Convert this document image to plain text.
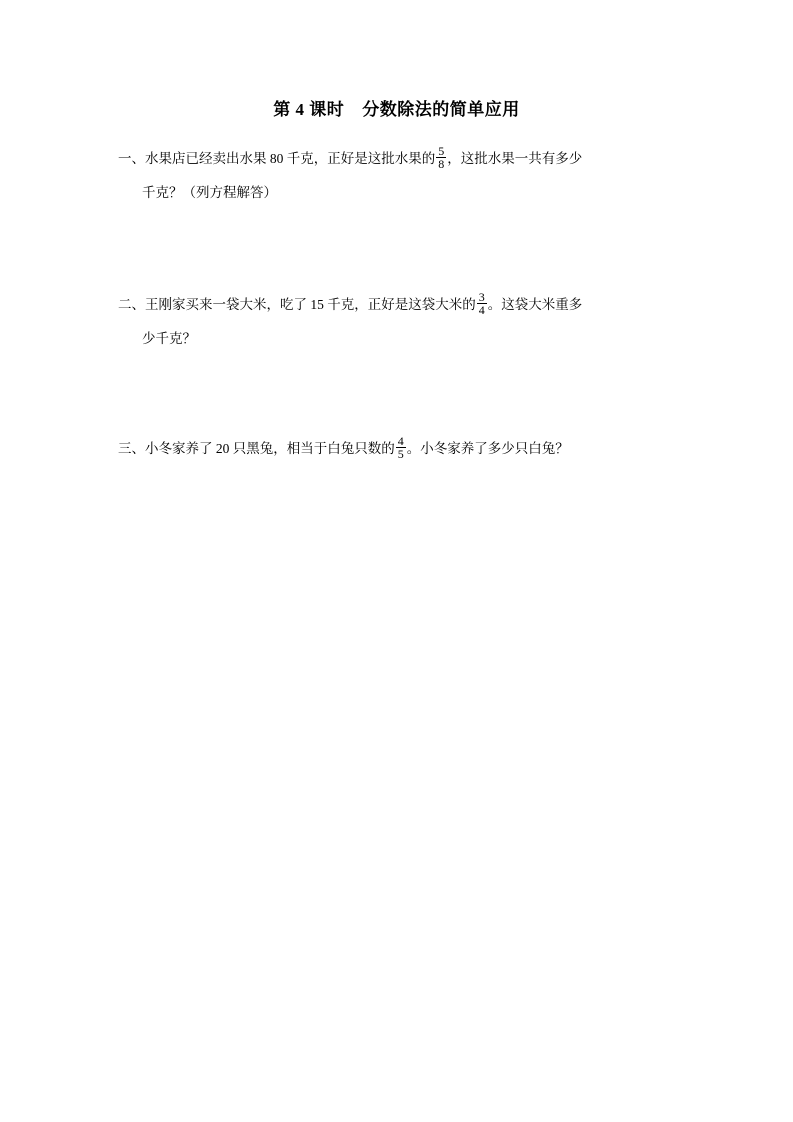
第 4 课时 分数除法的简单应用
一、水果店已经卖出水果 80 千克，正好是这批水果的 $\frac{5}{8}$ ，这批水果一共有多少
千克？（列方程解答）
二、王刚家买来一袋大米，吃了 15 千克，正好是这袋大米的 $\frac{3}{4}$ 。这袋大米重多
少千克？
三、小冬家养了 20 只黑兔，相当于白兔只数的 $\frac{4}{5}$ 。小冬家养了多少只白兔？
